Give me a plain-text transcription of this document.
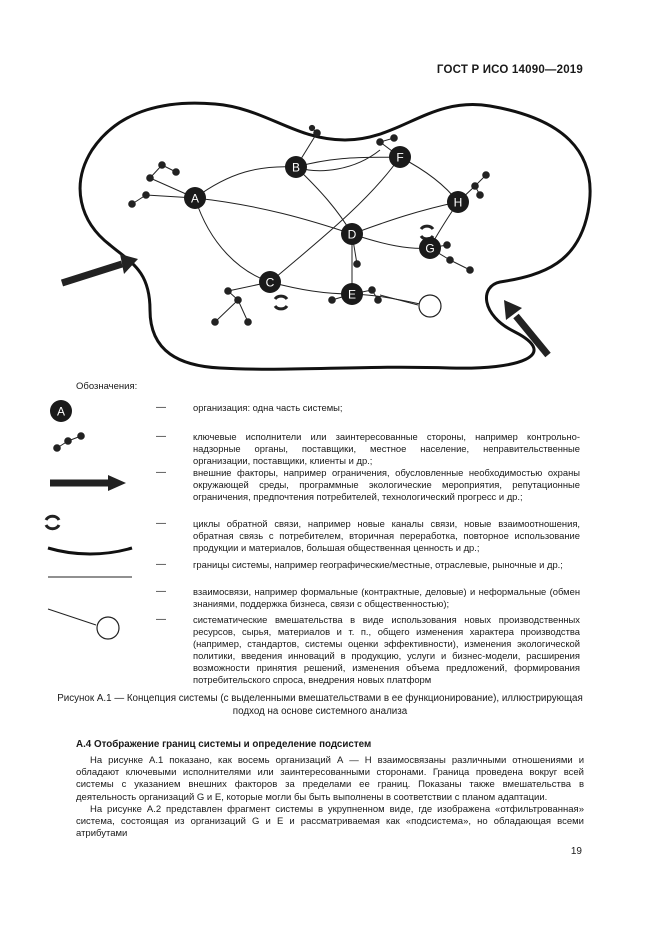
ГОСТ Р ИСО 14090—2019
A
B
F
H
D
G
C
E
Обозначения:
A	—	организация: одна часть системы;
—	ключевые исполнители или заинтересованные стороны, например контрольно-надзорные органы, поставщики, местное население, неправительственные организации, поставщики, клиенты и др.;
—	внешние факторы, например ограничения, обусловленные необходимостью охраны окружающей среды, программные экологические мероприятия, репутационные ограничения, предпочтения потребителей, технологический прогресс и др.;
—	циклы обратной связи, например новые каналы связи, новые взаимоотношения, обратная связь с потребителем, вторичная переработка, повторное использование продукции и материалов, большая общественная ценность и др.;
—	границы системы, например географические/местные, отраслевые, рыночные и др.;
—	взаимосвязи, например формальные (контрактные, деловые) и неформальные (обмен знаниями, поддержка бизнеса, связи с общественностью);
—	систематические вмешательства в виде использования новых производственных ресурсов, сырья, материалов и т. п., общего изменения характера производства (например, стандартов, системы оценки эффективности), изменения экологической политики, введения инноваций в продукцию, услуги и бизнес-модели, расширения возможности принятия решений, изменения объема предложений, формирования потребительского спроса, внедрения новых платформ
Рисунок А.1 — Концепция системы (с выделенными вмешательствами в ее функционирование), иллюстрирующая подход на основе системного анализа
А.4 Отображение границ системы и определение подсистем
На рисунке А.1 показано, как восемь организаций А — Н взаимосвязаны различными отношениями и обладают ключевыми исполнителями или заинтересованными сторонами. Граница проведена вокруг всей системы с указанием внешних факторов за пределами ее границ. Показаны также вмешательства в деятельность организаций G и Е, которые могли бы быть выполнены в соответствии с планом адаптации.
На рисунке А.2 представлен фрагмент системы в укрупненном виде, где изображена «отфильтрованная» система, состоящая из организаций G и Е и рассматриваемая как «подсистема», но обладающая всеми атрибутами
19
